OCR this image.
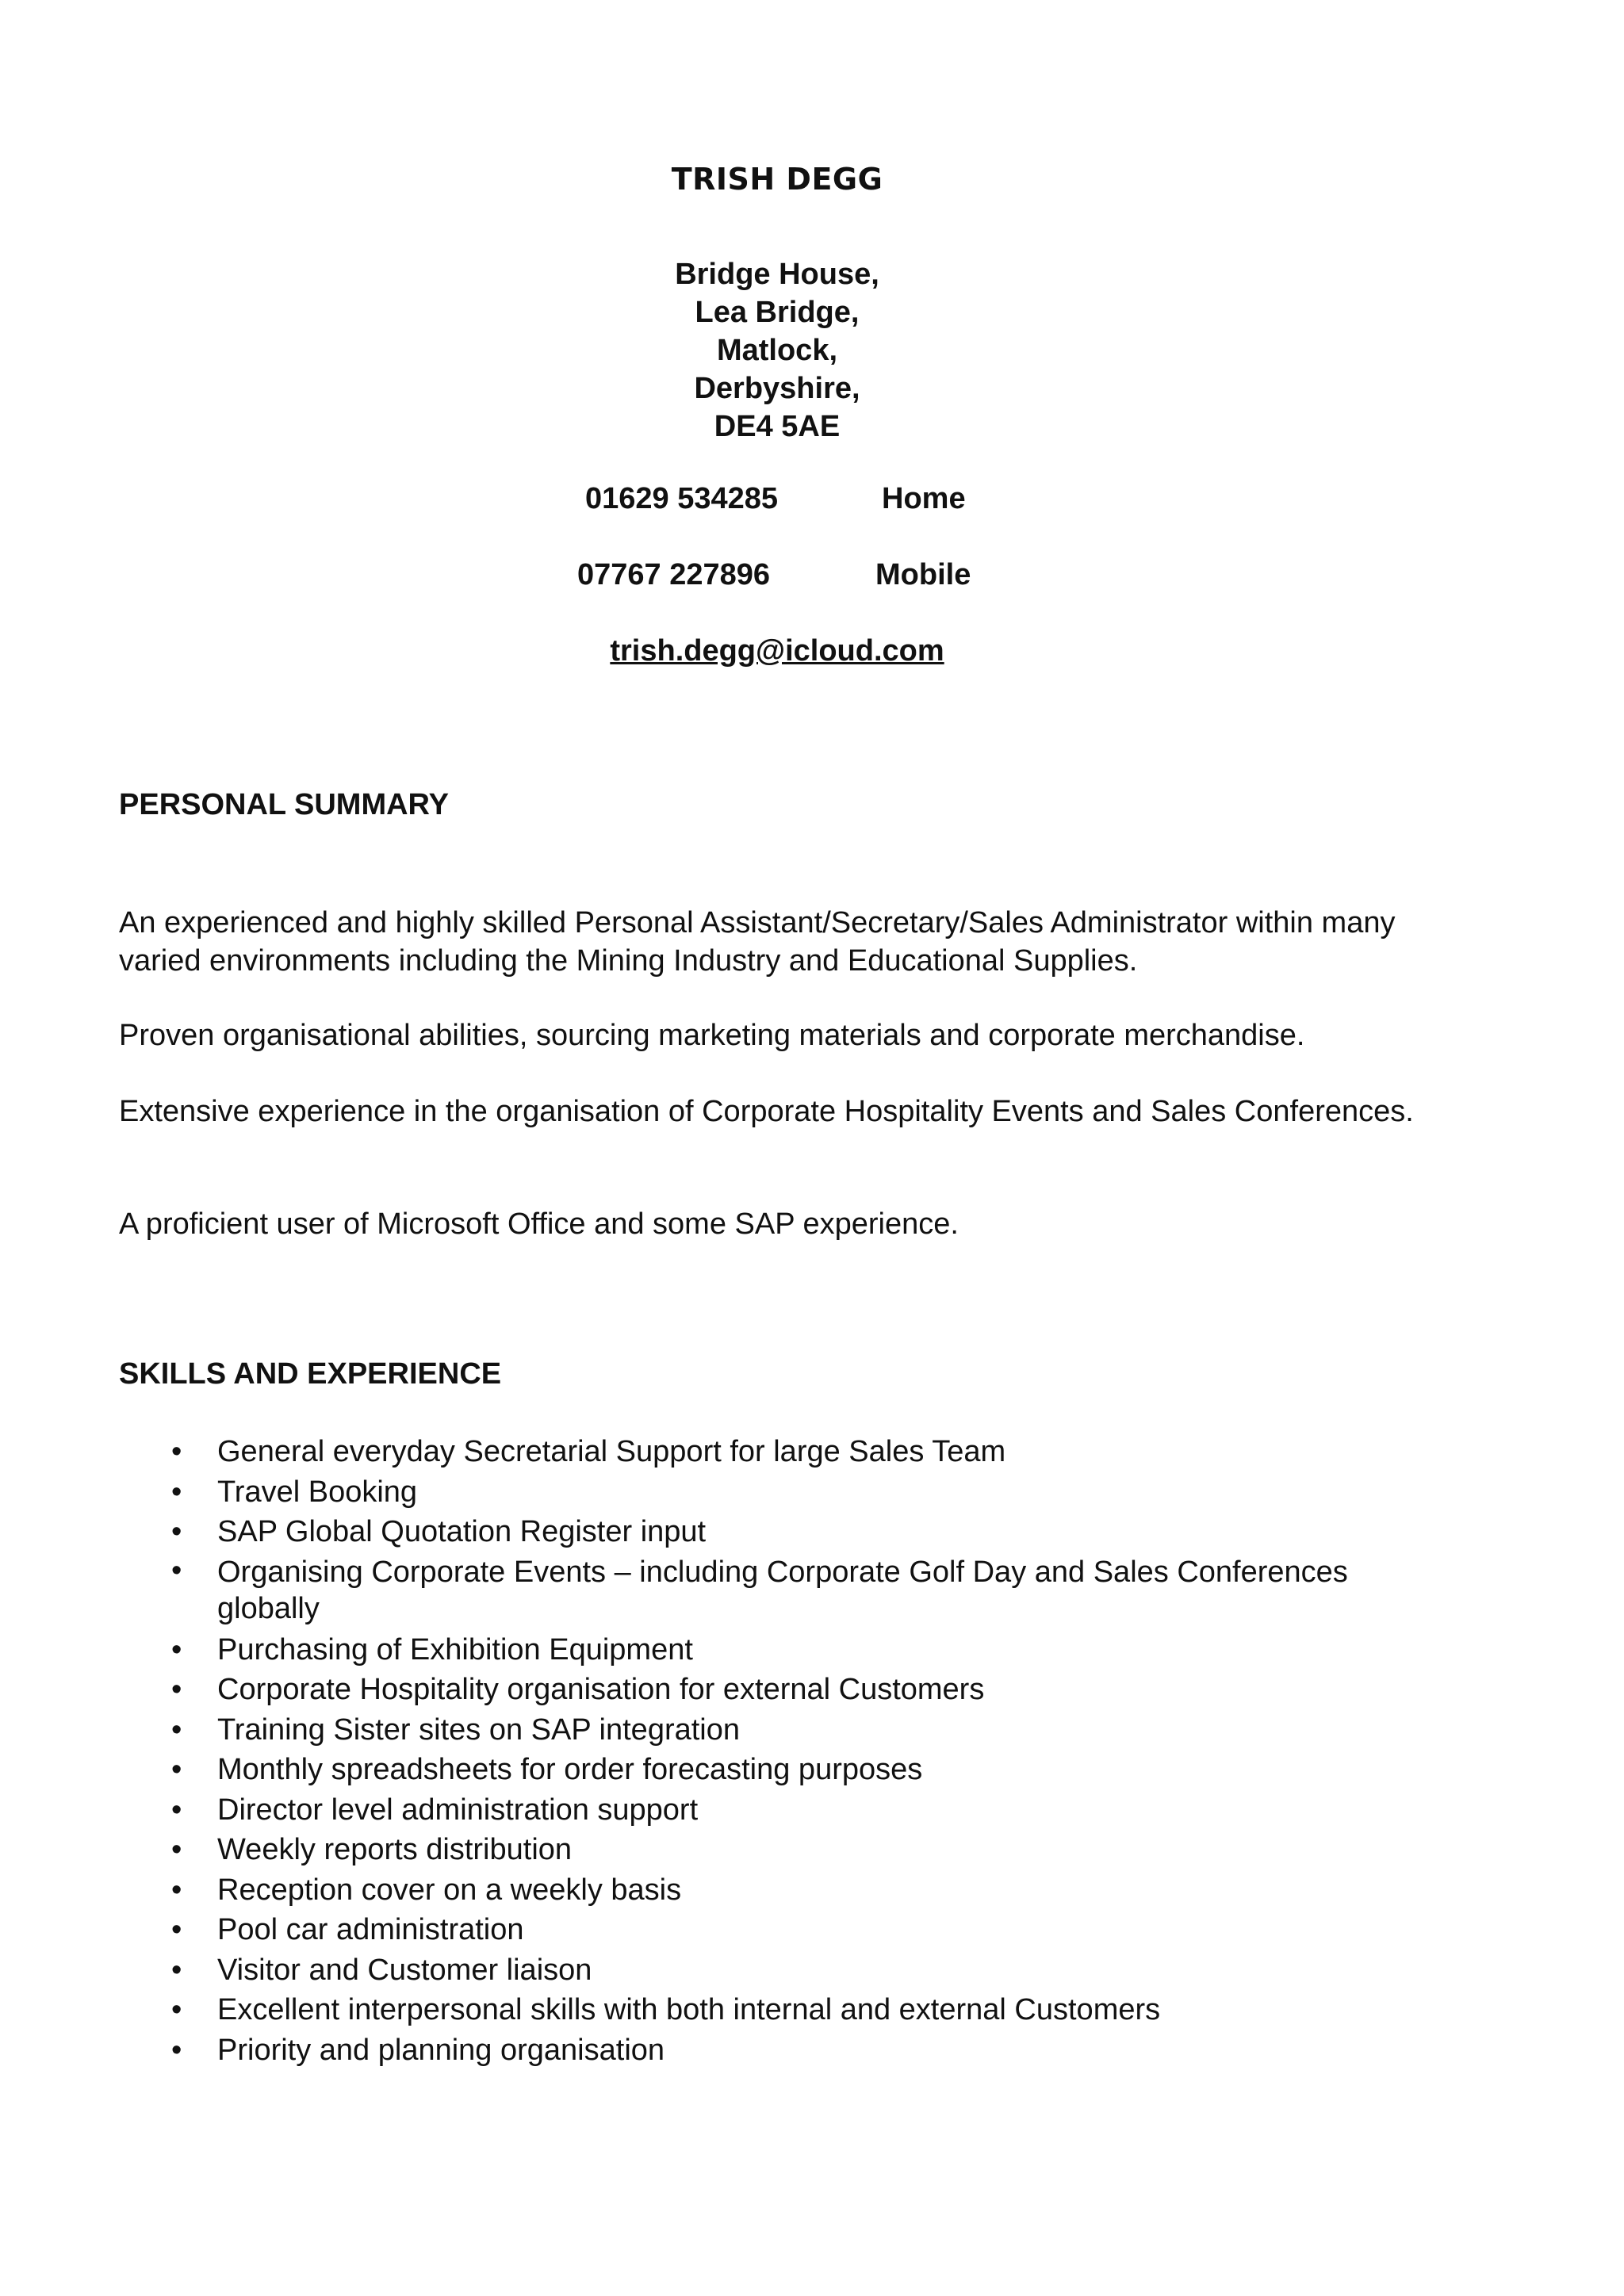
TRISH DEGG
Bridge House,
Lea Bridge,
Matlock,
Derbyshire,
DE4 5AE
01629 534285	Home
07767 227896	Mobile
trish.degg@icloud.com
PERSONAL SUMMARY
An experienced and highly skilled Personal Assistant/Secretary/Sales Administrator within many varied environments including the Mining Industry and Educational Supplies.
Proven organisational abilities, sourcing marketing materials and corporate merchandise.
Extensive experience in the organisation of Corporate Hospitality Events and Sales Conferences.
A proficient user of Microsoft Office and some SAP experience.
SKILLS AND EXPERIENCE
• General everyday Secretarial Support for large Sales Team
• Travel Booking
• SAP Global Quotation Register input
• Organising Corporate Events – including Corporate Golf Day and Sales Conferences globally
• Purchasing of Exhibition Equipment
• Corporate Hospitality organisation for external Customers
• Training Sister sites on SAP integration
• Monthly spreadsheets for order forecasting purposes
• Director level administration support
• Weekly reports distribution
• Reception cover on a weekly basis
• Pool car administration
• Visitor and Customer liaison
• Excellent interpersonal skills with both internal and external Customers
• Priority and planning organisation
